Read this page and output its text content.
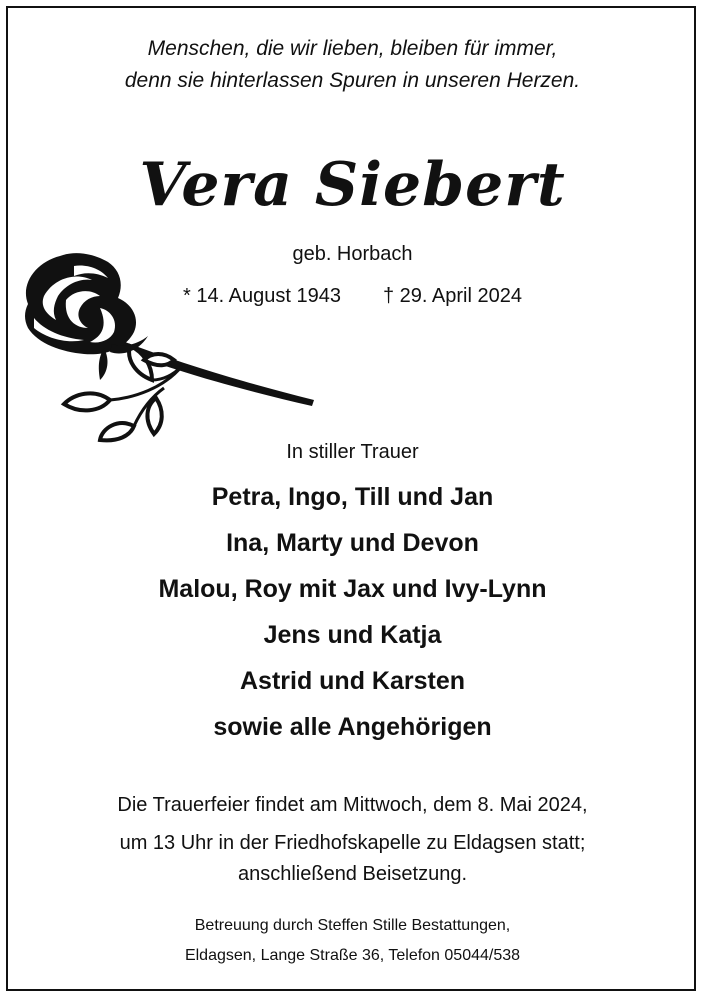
Menschen, die wir lieben, bleiben für immer,

denn sie hinterlassen Spuren in unseren Herzen.

Vera Siebert

geb. Horbach

* 14. August 1943 † 29. April 2024

In stiller Trauer

Petra, Ingo, Till und Jan

Ina, Marty und Devon

Malou, Roy mit Jax und Ivy-Lynn

Jens und Katja

Astrid und Karsten

sowie alle Angehörigen

Die Trauerfeier findet am Mittwoch, dem 8. Mai 2024,

um 13 Uhr in der Friedhofskapelle zu Eldagsen statt;

anschließend Beisetzung.

Betreuung durch Steffen Stille Bestattungen,

Eldagsen, Lange Straße 36, Telefon 05044/538
